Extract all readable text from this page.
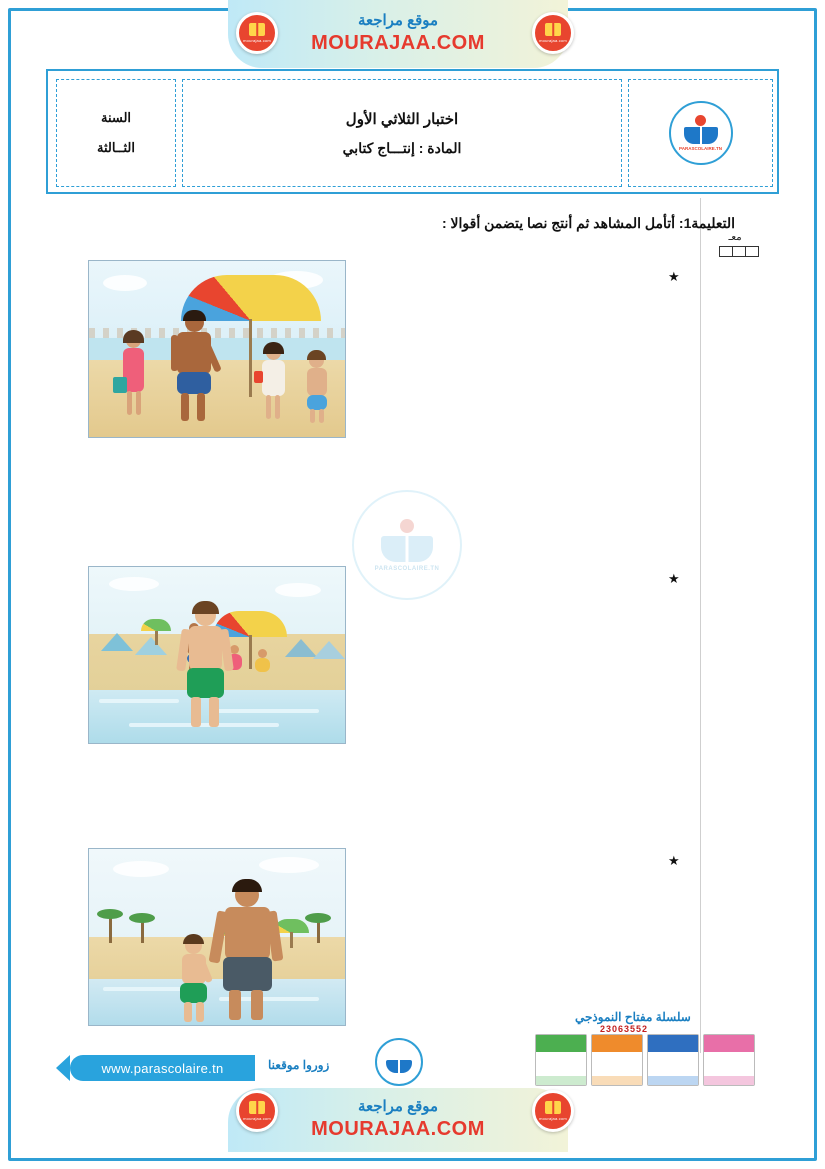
موقع مراجعة
MOURAJAA.COM
mourajaa.com	mourajaa.com
السنة
الثــالثة
اختبار الثلاثي الأول
المادة : إنتـــاج كتابي	PARASCOLAIRE.TN
معـ
التعليمة1: أتأمل المشاهد ثم أنتج نصا يتضمن أقوالا :
★
★
★
PARASCOLAIRE.TN
www.parascolaire.tn	زوروا موقعنا
سلسلة مفتاح النموذجي
23063552
موقع مراجعة
MOURAJAA.COM
mourajaa.com	mourajaa.com
